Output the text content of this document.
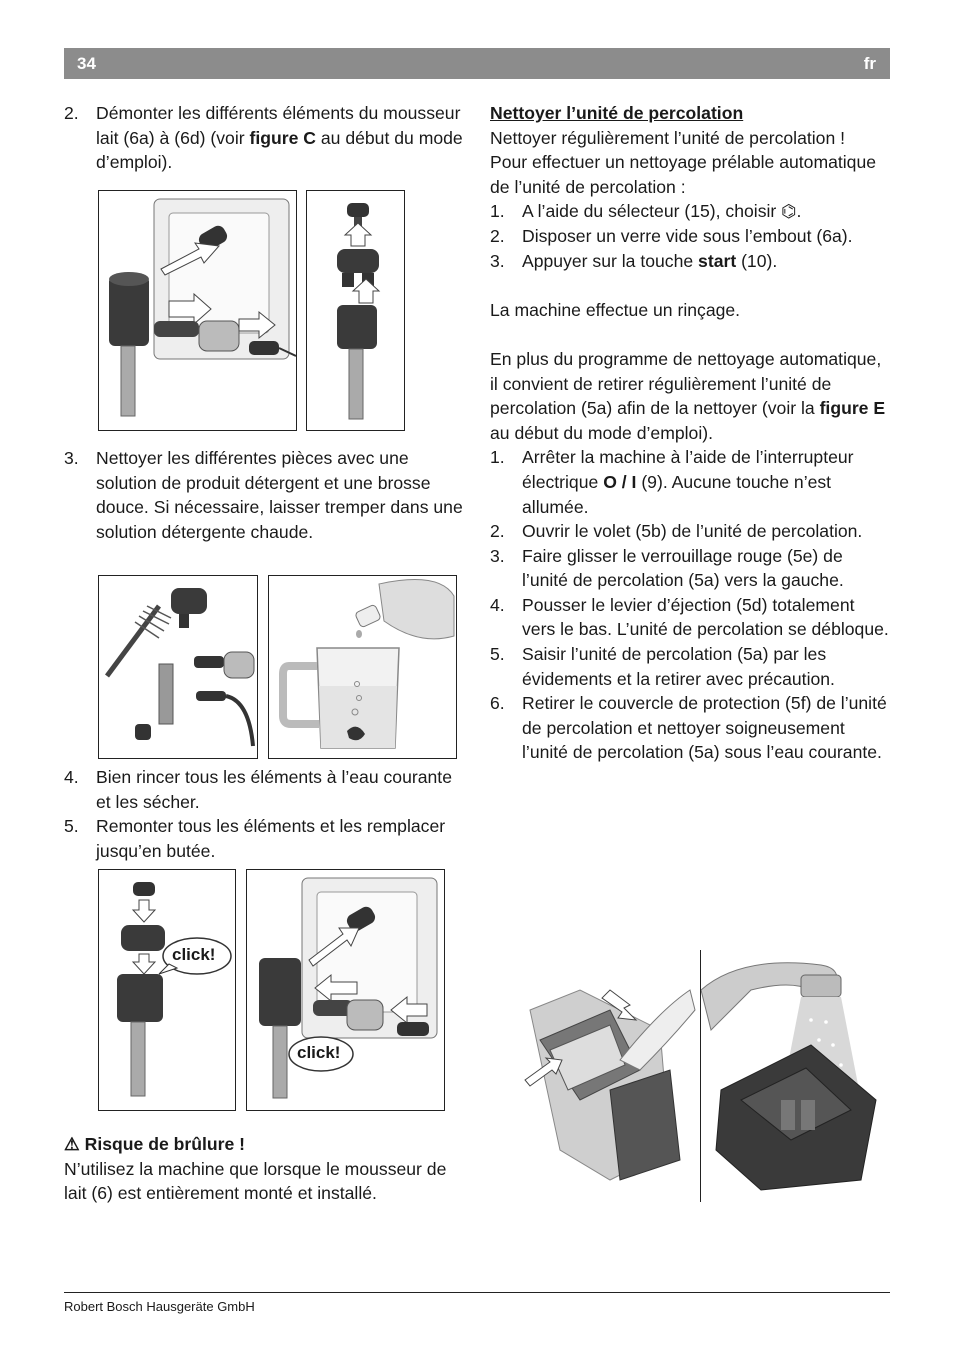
34	fr
2. Démonter les différents éléments du mousseur lait (6a) à (6d) (voir figure C au début du mode d’emploi).
3. Nettoyer les différentes pièces avec une solution de produit détergent et une brosse douce. Si nécessaire, laisser tremper dans une solution détergente chaude.
4. Bien rincer tous les éléments à l’eau courante et les sécher.
5. Remonter tous les éléments et les remplacer jusqu’en butée.
click!
click!
⚠ Risque de brûlure !

N’utilisez la machine que lorsque le mousseur de lait (6) est entièrement monté et installé.

Nettoyer l’unité de percolation

Nettoyer régulièrement l’unité de percolation !

Pour effectuer un nettoyage prélable automatique de l’unité de percolation :

1. A l’aide du sélecteur (15), choisir ⌬.
2. Disposer un verre vide sous l’embout (6a).
3. Appuyer sur la touche start (10).

La machine effectue un rinçage.

En plus du programme de nettoyage automatique, il convient de retirer régulièrement l’unité de percolation (5a) afin de la nettoyer (voir la figure E au début du mode d’emploi).

1. Arrêter la machine à l’aide de l’interrupteur électrique O / I (9). Aucune touche n’est allumée.
2. Ouvrir le volet (5b) de l’unité de percolation.
3. Faire glisser le verrouillage rouge (5e) de l’unité de percolation (5a) vers la gauche.
4. Pousser le levier d’éjection (5d) totalement vers le bas. L’unité de percolation se débloque.
5. Saisir l’unité de percolation (5a) par les évidements et la retirer avec précaution.
6. Retirer le couvercle de protection (5f) de l’unité de percolation et nettoyer soigneusement l’unité de percolation (5a) sous l’eau courante.
Robert Bosch Hausgeräte GmbH
